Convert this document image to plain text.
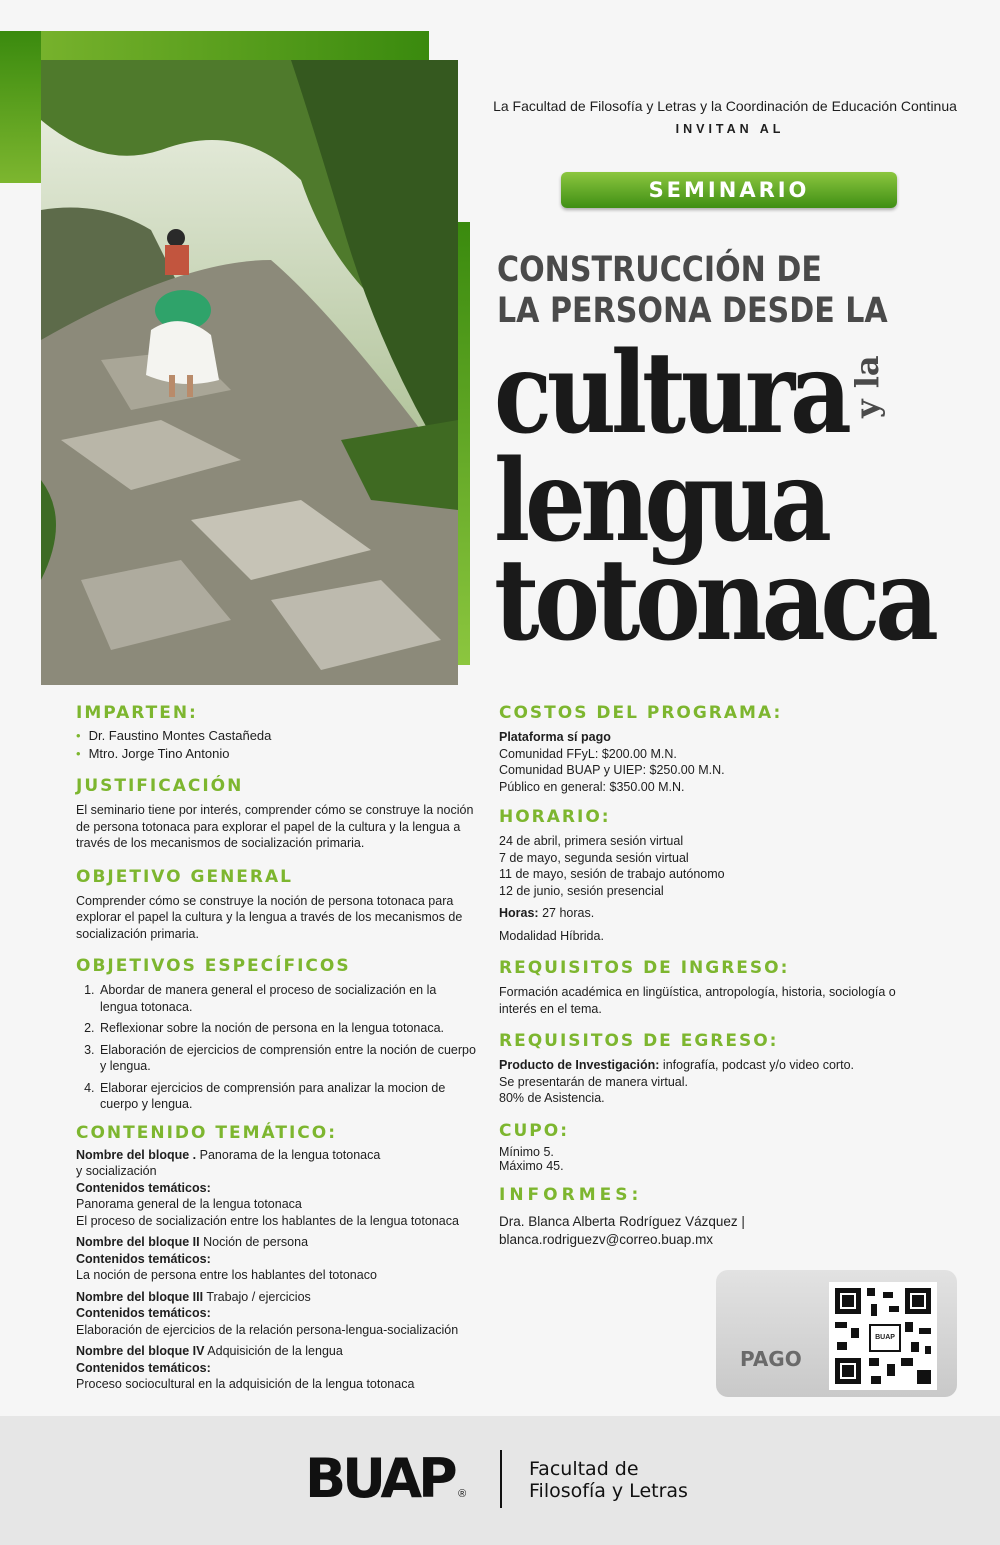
La Facultad de Filosofía y Letras y la Coordinación de Educación Continua
INVITAN AL
SEMINARIO
CONSTRUCCIÓN DE
LA PERSONA DESDE LA
cultura y la
lengua
totonaca
IMPARTEN:
• Dr. Faustino Montes Castañeda
• Mtro. Jorge Tino Antonio
JUSTIFICACIÓN

El seminario tiene por interés, comprender cómo se construye la noción de persona totonaca para explorar el papel de la cultura y la lengua a través de los mecanismos de socialización primaria.

OBJETIVO GENERAL

Comprender cómo se construye la noción de persona totonaca para explorar el papel la cultura y la lengua a través de los mecanismos de socialización primaria.

OBJETIVOS ESPECÍFICOS
1. Abordar de manera general el proceso de socialización en la lengua totonaca.
2. Reflexionar sobre la noción de persona en la lengua totonaca.
3. Elaboración de ejercicios de comprensión entre la noción de cuerpo y lengua.
4. Elaborar ejercicios de comprensión para analizar la mocion de cuerpo y lengua.
CONTENIDO TEMÁTICO:
Nombre del bloque . Panorama de la lengua totonaca
y socialización
Contenidos temáticos:
Panorama general de la lengua totonaca
El proceso de socialización entre los hablantes de la lengua totonaca
Nombre del bloque II Noción de persona
Contenidos temáticos:
La noción de persona entre los hablantes del totonaco
Nombre del bloque III Trabajo / ejercicios
Contenidos temáticos:
Elaboración de ejercicios de la relación persona-lengua-socialización
Nombre del bloque IV Adquisición de la lengua
Contenidos temáticos:
Proceso sociocultural en la adquisición de la lengua totonaca
COSTOS DEL PROGRAMA:
Plataforma sí pago
Comunidad FFyL: $200.00 M.N.
Comunidad BUAP y UIEP: $250.00 M.N.
Público en general: $350.00 M.N.
HORARIO:
24 de abril, primera sesión virtual
7 de mayo, segunda sesión virtual
11 de mayo, sesión de trabajo autónomo
12 de junio, sesión presencial
Horas: 27 horas.
Modalidad Híbrida.
REQUISITOS DE INGRESO:

Formación académica en lingüística, antropología, historia, sociología o interés en el tema.

REQUISITOS DE EGRESO:
Producto de Investigación: infografía, podcast y/o video corto.
Se presentarán de manera virtual.
80% de Asistencia.
CUPO:
Mínimo 5.
Máximo 45.
INFORMES:
Dra. Blanca Alberta Rodríguez Vázquez |
blanca.rodriguezv@correo.buap.mx
PAGO
BUAP
BUAP ®
Facultad de
Filosofía y Letras
